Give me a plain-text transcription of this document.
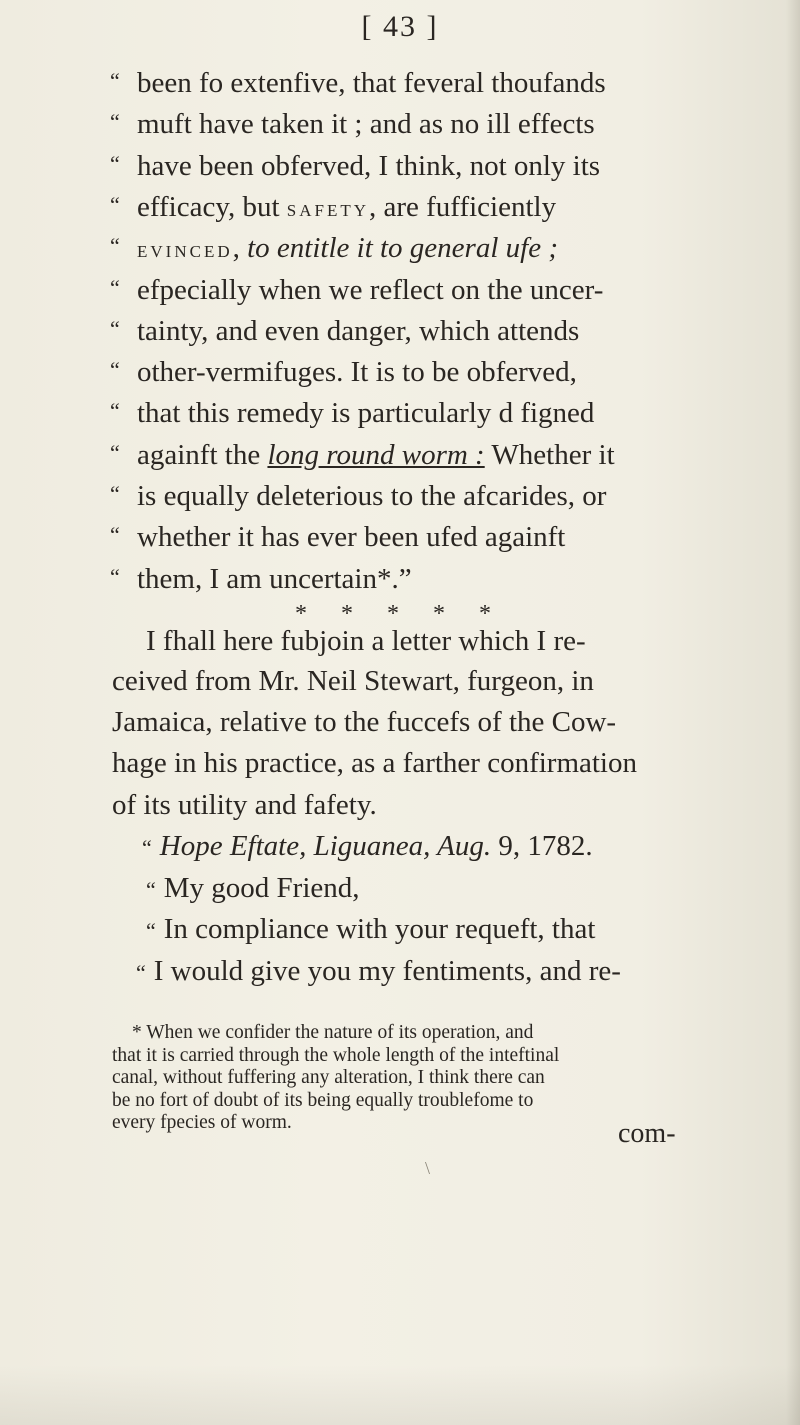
[ 43 ]
“ been fo extenfive, that feveral thoufands
“ muft have taken it ; and as no ill effects
“ have been obferved, I think, not only its
“ efficacy, but safety, are fufficiently
“ evinced, to entitle it to general ufe ;
“ efpecially when we reflect on the uncer-
“ tainty, and even danger, which attends
“ other-vermifuges. It is to be obferved,
“ that this remedy is particularly d figned
“ againft the long round worm : Whether it
“ is equally deleterious to the afcarides, or
“ whether it has ever been ufed againft
“ them, I am uncertain*.”
* * * * *
I fhall here fubjoin a letter which I re-
ceived from Mr. Neil Stewart, furgeon, in
Jamaica, relative to the fuccefs of the Cow-
hage in his practice, as a farther confirmation
of its utility and fafety.
“ Hope Eftate, Liguanea, Aug. 9, 1782.
“ My good Friend,
“ In compliance with your requeft, that
“ I would give you my fentiments, and re-
* When we confider the nature of its operation, and
that it is carried through the whole length of the inteftinal
canal, without fuffering any alteration, I think there can
be no fort of doubt of its being equally troublefome to
every fpecies of worm.	com-
\
